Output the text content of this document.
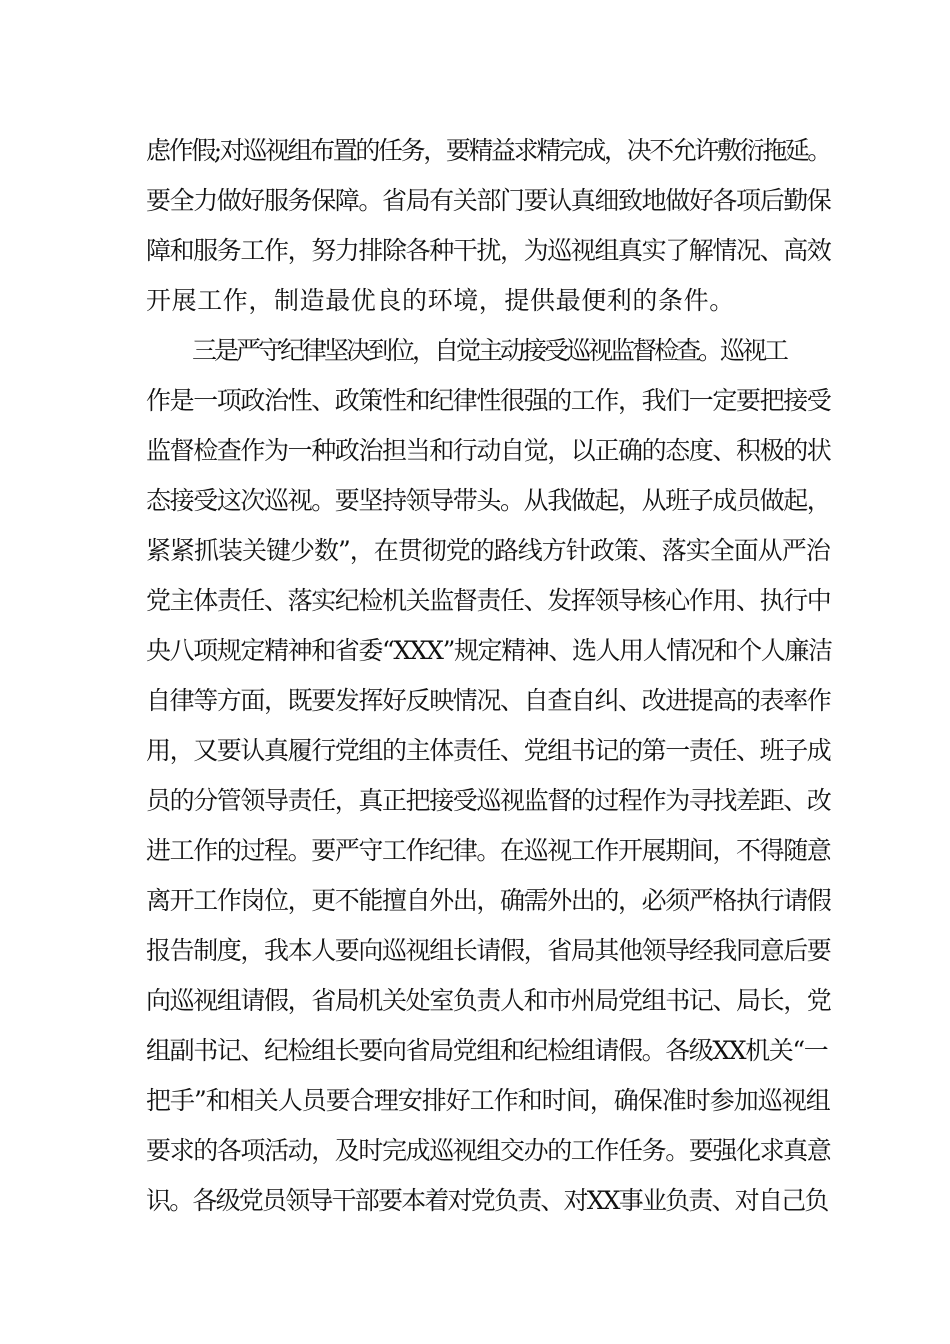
虑作假;对巡视组布置的任务，要精益求精完成，决不允许敷衍拖延。
要全力做好服务保障。省局有关部门要认真细致地做好各项后勤保
障和服务工作，努力排除各种干扰，为巡视组真实了解情况、高效
开展工作，制造最优良的环境，提供最便利的条件。
三是严守纪律坚决到位，自觉主动接受巡视监督检查。巡视工
作是一项政治性、政策性和纪律性很强的工作，我们一定要把接受
监督检查作为一种政治担当和行动自觉，以正确的态度、积极的状
态接受这次巡视。要坚持领导带头。从我做起，从班子成员做起，
紧紧抓装关键少数”，在贯彻党的路线方针政策、落实全面从严治
党主体责任、落实纪检机关监督责任、发挥领导核心作用、执行中
央八项规定精神和省委“XXX”规定精神、选人用人情况和个人廉洁
自律等方面，既要发挥好反映情况、自查自纠、改进提高的表率作
用，又要认真履行党组的主体责任、党组书记的第一责任、班子成
员的分管领导责任，真正把接受巡视监督的过程作为寻找差距、改
进工作的过程。要严守工作纪律。在巡视工作开展期间，不得随意
离开工作岗位，更不能擅自外出，确需外出的，必须严格执行请假
报告制度，我本人要向巡视组长请假，省局其他领导经我同意后要
向巡视组请假，省局机关处室负责人和市州局党组书记、局长，党
组副书记、纪检组长要向省局党组和纪检组请假。各级XX机关“一
把手”和相关人员要合理安排好工作和时间，确保准时参加巡视组
要求的各项活动，及时完成巡视组交办的工作任务。要强化求真意
识。各级党员领导干部要本着对党负责、对XX事业负责、对自己负
